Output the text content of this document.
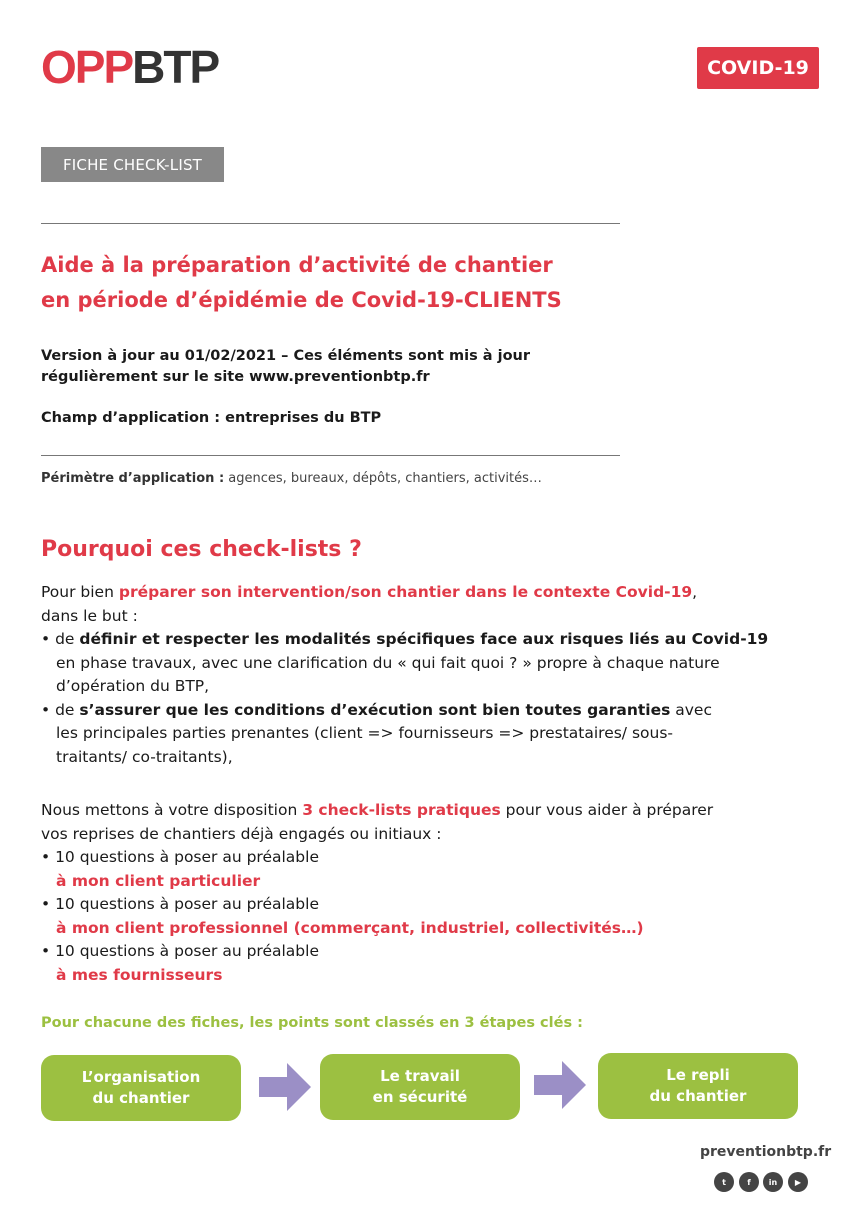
OPPBTP	COVID-19
FICHE CHECK-LIST
Aide à la préparation d’activité de chantier
en période d’épidémie de Covid-19-CLIENTS
Version à jour au 01/02/2021 – Ces éléments sont mis à jour
régulièrement sur le site www.preventionbtp.fr
Champ d’application : entreprises du BTP
Périmètre d’application : agences, bureaux, dépôts, chantiers, activités…
Pourquoi ces check-lists ?
Pour bien préparer son intervention/son chantier dans le contexte Covid-19,
dans le but :
• de définir et respecter les modalités spécifiques face aux risques liés au Covid-19
en phase travaux, avec une clarification du « qui fait quoi ? » propre à chaque nature
d’opération du BTP,
• de s’assurer que les conditions d’exécution sont bien toutes garanties avec
les principales parties prenantes (client => fournisseurs => prestataires/ sous-
traitants/ co-traitants),
Nous mettons à votre disposition 3 check-lists pratiques pour vous aider à préparer
vos reprises de chantiers déjà engagés ou initiaux :
• 10 questions à poser au préalable
à mon client particulier
• 10 questions à poser au préalable
à mon client professionnel (commerçant, industriel, collectivités…)
• 10 questions à poser au préalable
à mes fournisseurs
Pour chacune des fiches, les points sont classés en 3 étapes clés :
L’organisation
du chantier
Le travail
en sécurité
Le repli
du chantier
preventionbtp.fr
t	f	in	▶
